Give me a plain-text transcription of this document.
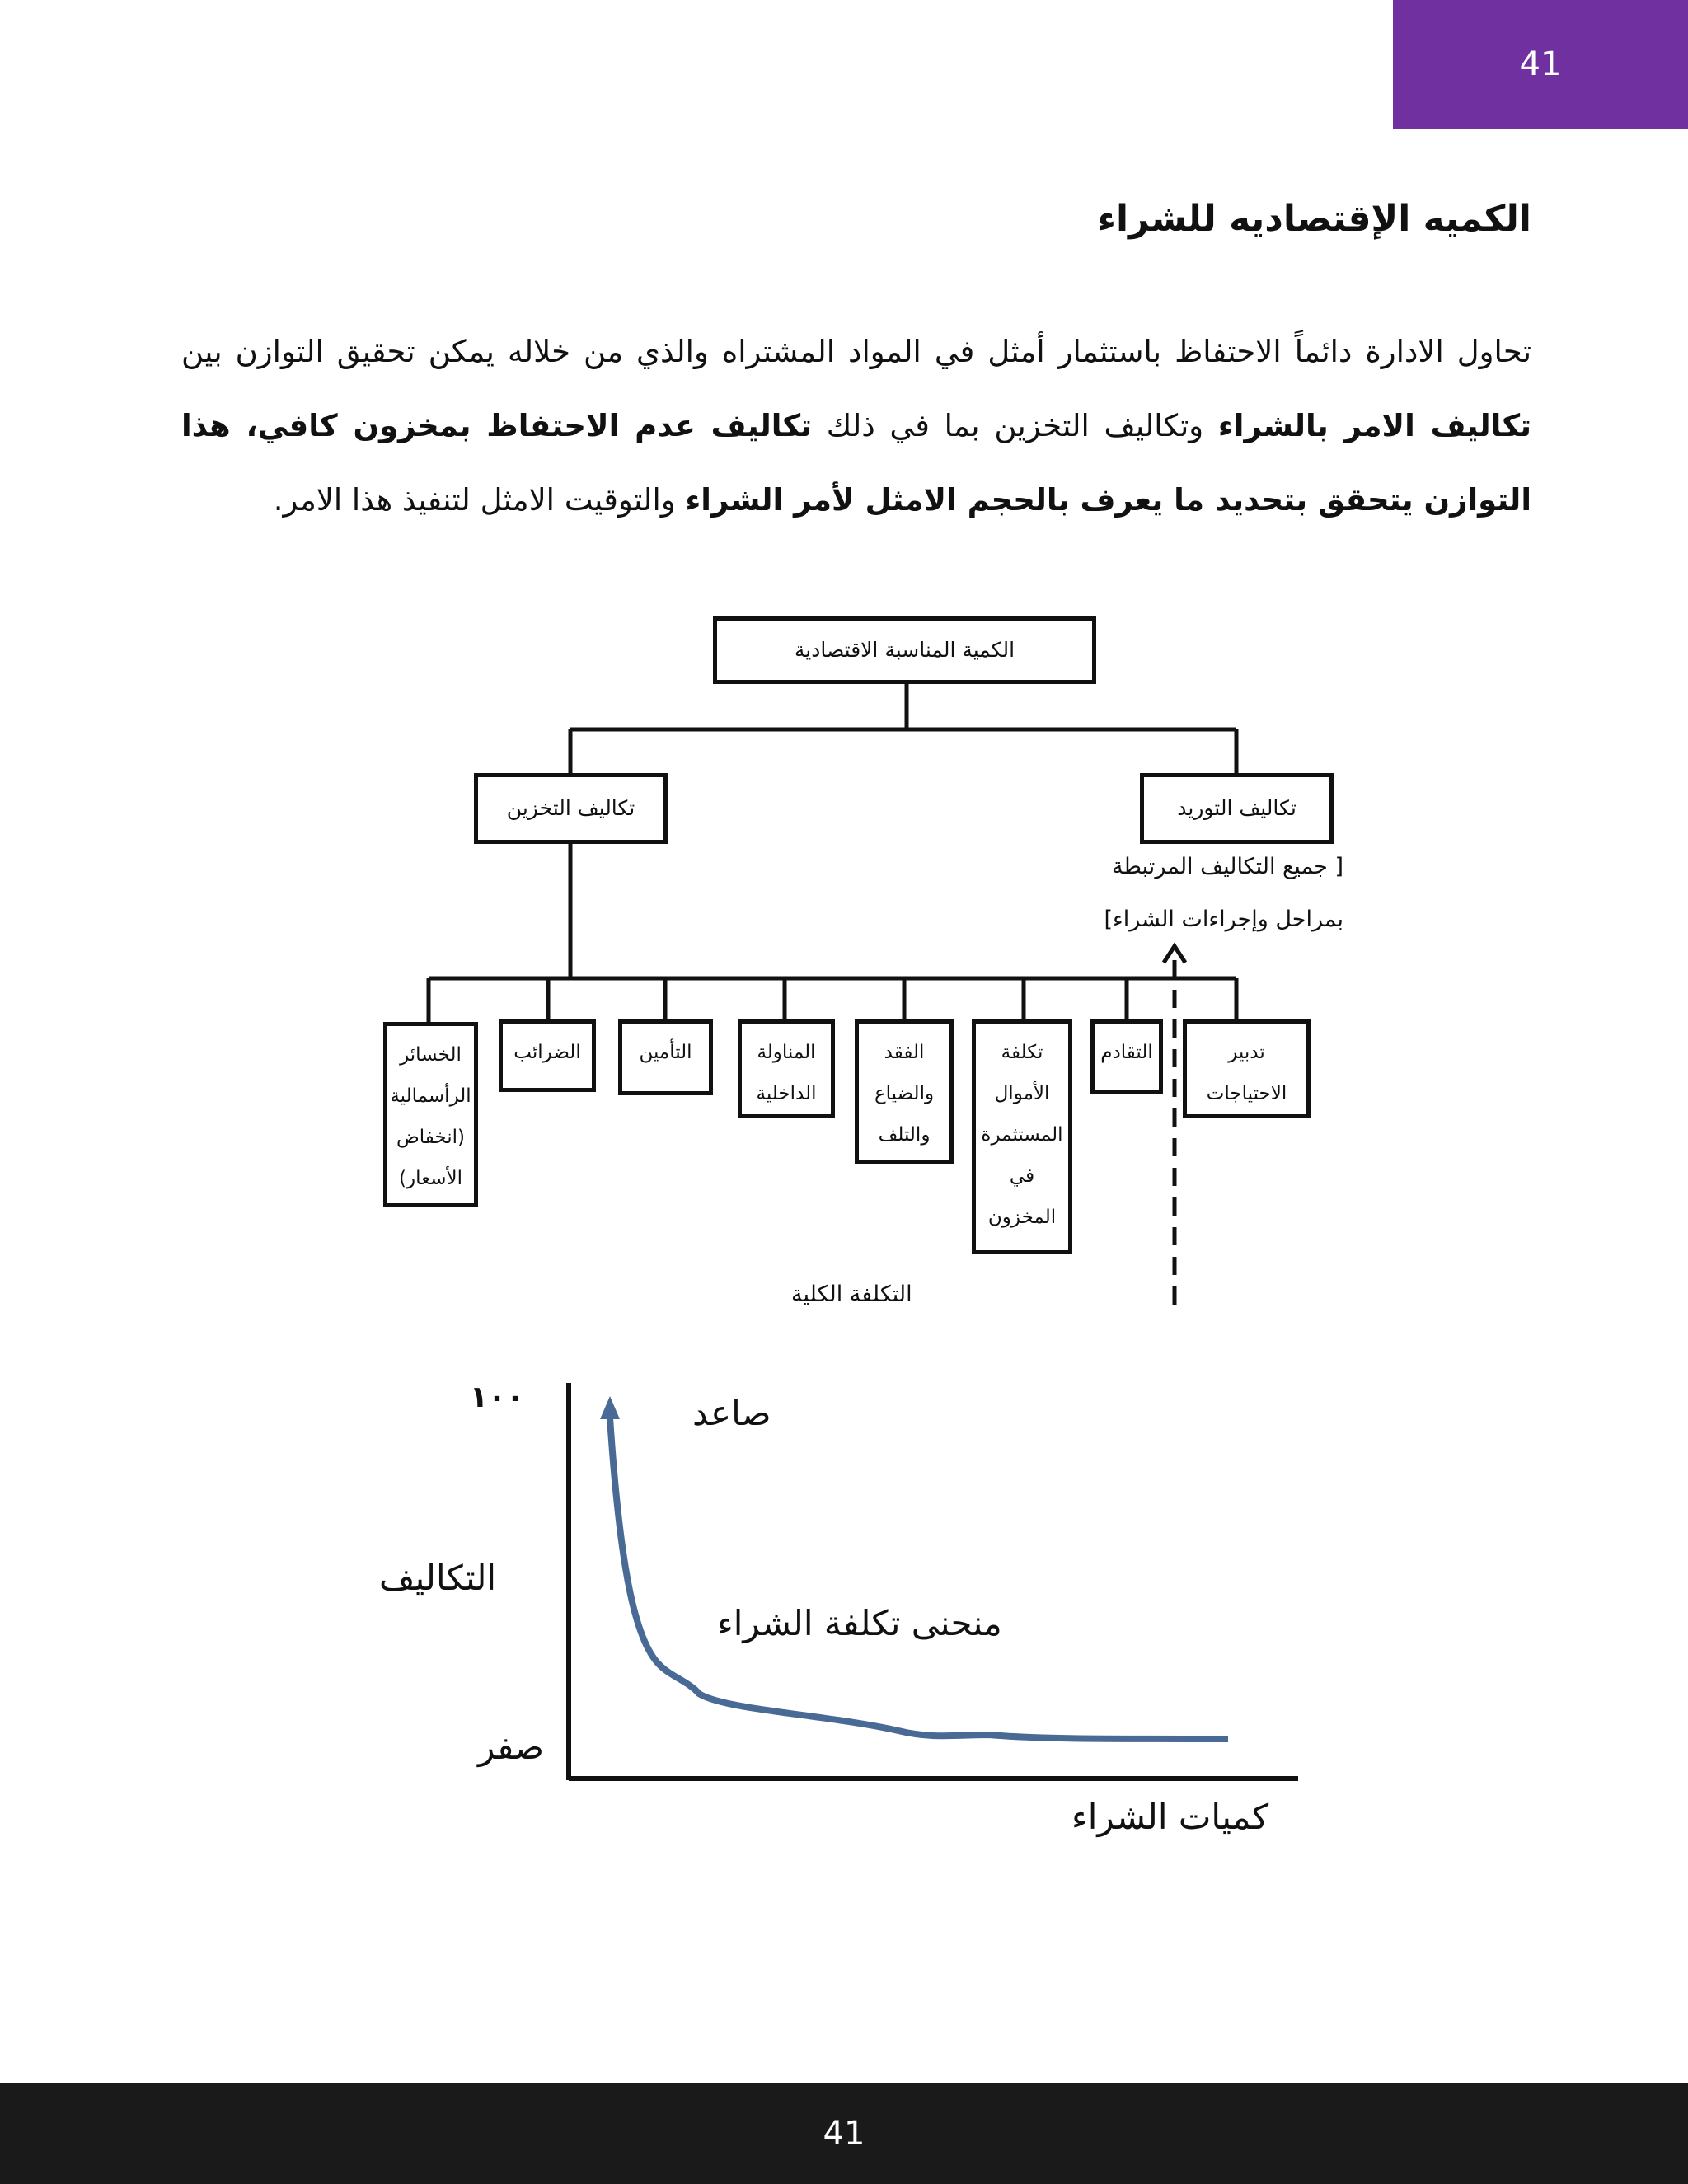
41
الكميه الإقتصاديه للشراء

تحاول الادارة دائماً الاحتفاظ باستثمار أمثل في المواد المشتراه والذي من خلاله يمكن تحقيق التوازن بين تكاليف الامر بالشراء وتكاليف التخزين بما في ذلك تكاليف عدم الاحتفاظ بمخزون كافي، هذا التوازن يتحقق بتحديد ما يعرف بالحجم الامثل لأمر الشراء والتوقيت الامثل لتنفيذ هذا الامر.

الكمية المناسبة الاقتصادية
تكاليف التخزين	تكاليف التوريد
[ جميع التكاليف المرتبطة بمراحل وإجراءات الشراء]
تدبير الاحتياجات
التقادم
تكلفة الأموال المستثمرة في المخزون
الفقد والضياع والتلف
المناولة الداخلية
التأمين
الضرائب
الخسائر الرأسمالية (انخفاض الأسعار)
التكلفة الكلية
١٠٠	صاعد
التكاليف
منحنى تكلفة الشراء
صفر
كميات الشراء
41
